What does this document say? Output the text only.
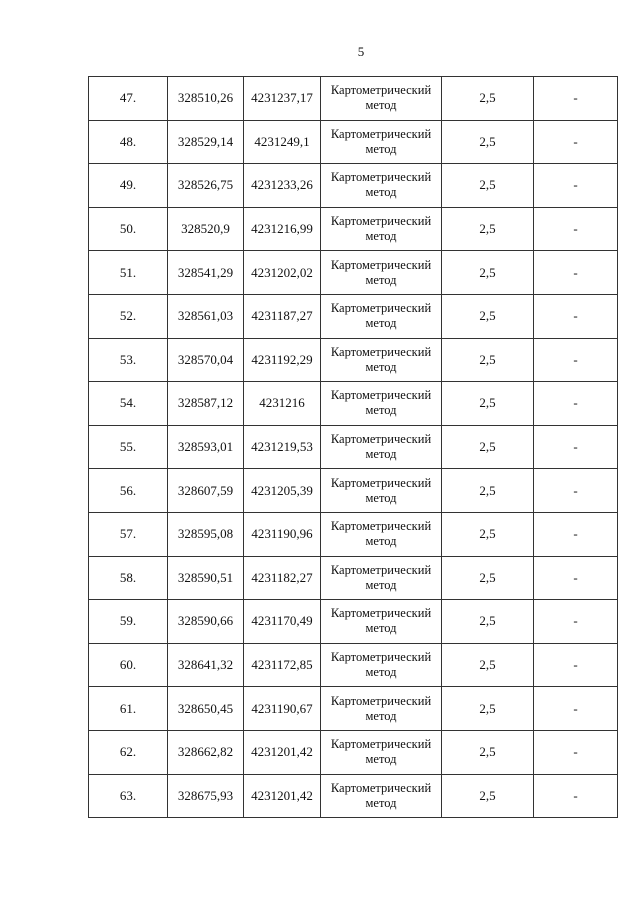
5
47.	328510,26	4231237,17	Картометрический
метод	2,5	-
48.	328529,14	4231249,1	Картометрический
метод	2,5	-
49.	328526,75	4231233,26	Картометрический
метод	2,5	-
50.	328520,9	4231216,99	Картометрический
метод	2,5	-
51.	328541,29	4231202,02	Картометрический
метод	2,5	-
52.	328561,03	4231187,27	Картометрический
метод	2,5	-
53.	328570,04	4231192,29	Картометрический
метод	2,5	-
54.	328587,12	4231216	Картометрический
метод	2,5	-
55.	328593,01	4231219,53	Картометрический
метод	2,5	-
56.	328607,59	4231205,39	Картометрический
метод	2,5	-
57.	328595,08	4231190,96	Картометрический
метод	2,5	-
58.	328590,51	4231182,27	Картометрический
метод	2,5	-
59.	328590,66	4231170,49	Картометрический
метод	2,5	-
60.	328641,32	4231172,85	Картометрический
метод	2,5	-
61.	328650,45	4231190,67	Картометрический
метод	2,5	-
62.	328662,82	4231201,42	Картометрический
метод	2,5	-
63.	328675,93	4231201,42	Картометрический
метод	2,5	-
